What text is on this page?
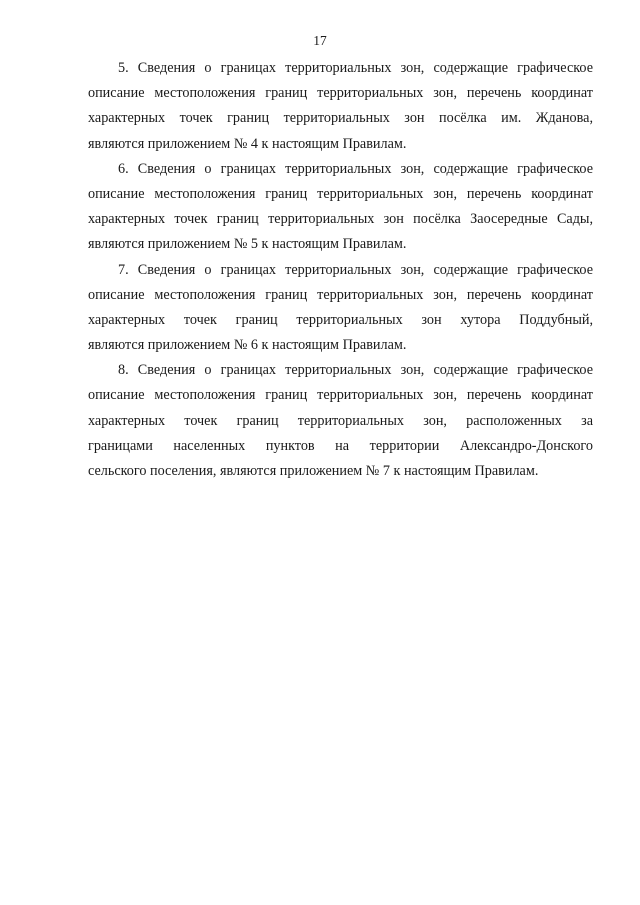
17
5. Сведения о границах территориальных зон, содержащие графическое
описание местоположения границ территориальных зон, перечень координат
характерных точек границ территориальных зон посёлка им. Жданова,
являются приложением № 4 к настоящим Правилам.
6. Сведения о границах территориальных зон, содержащие графическое
описание местоположения границ территориальных зон, перечень координат
характерных точек границ территориальных зон посёлка Заосередные Сады,
являются приложением № 5 к настоящим Правилам.
7. Сведения о границах территориальных зон, содержащие графическое
описание местоположения границ территориальных зон, перечень координат
характерных точек границ территориальных зон хутора Поддубный,
являются приложением № 6 к настоящим Правилам.
8. Сведения о границах территориальных зон, содержащие графическое
описание местоположения границ территориальных зон, перечень координат
характерных точек границ территориальных зон, расположенных за
границами населенных пунктов на территории Александро-Донского
сельского поселения, являются приложением № 7 к настоящим Правилам.
